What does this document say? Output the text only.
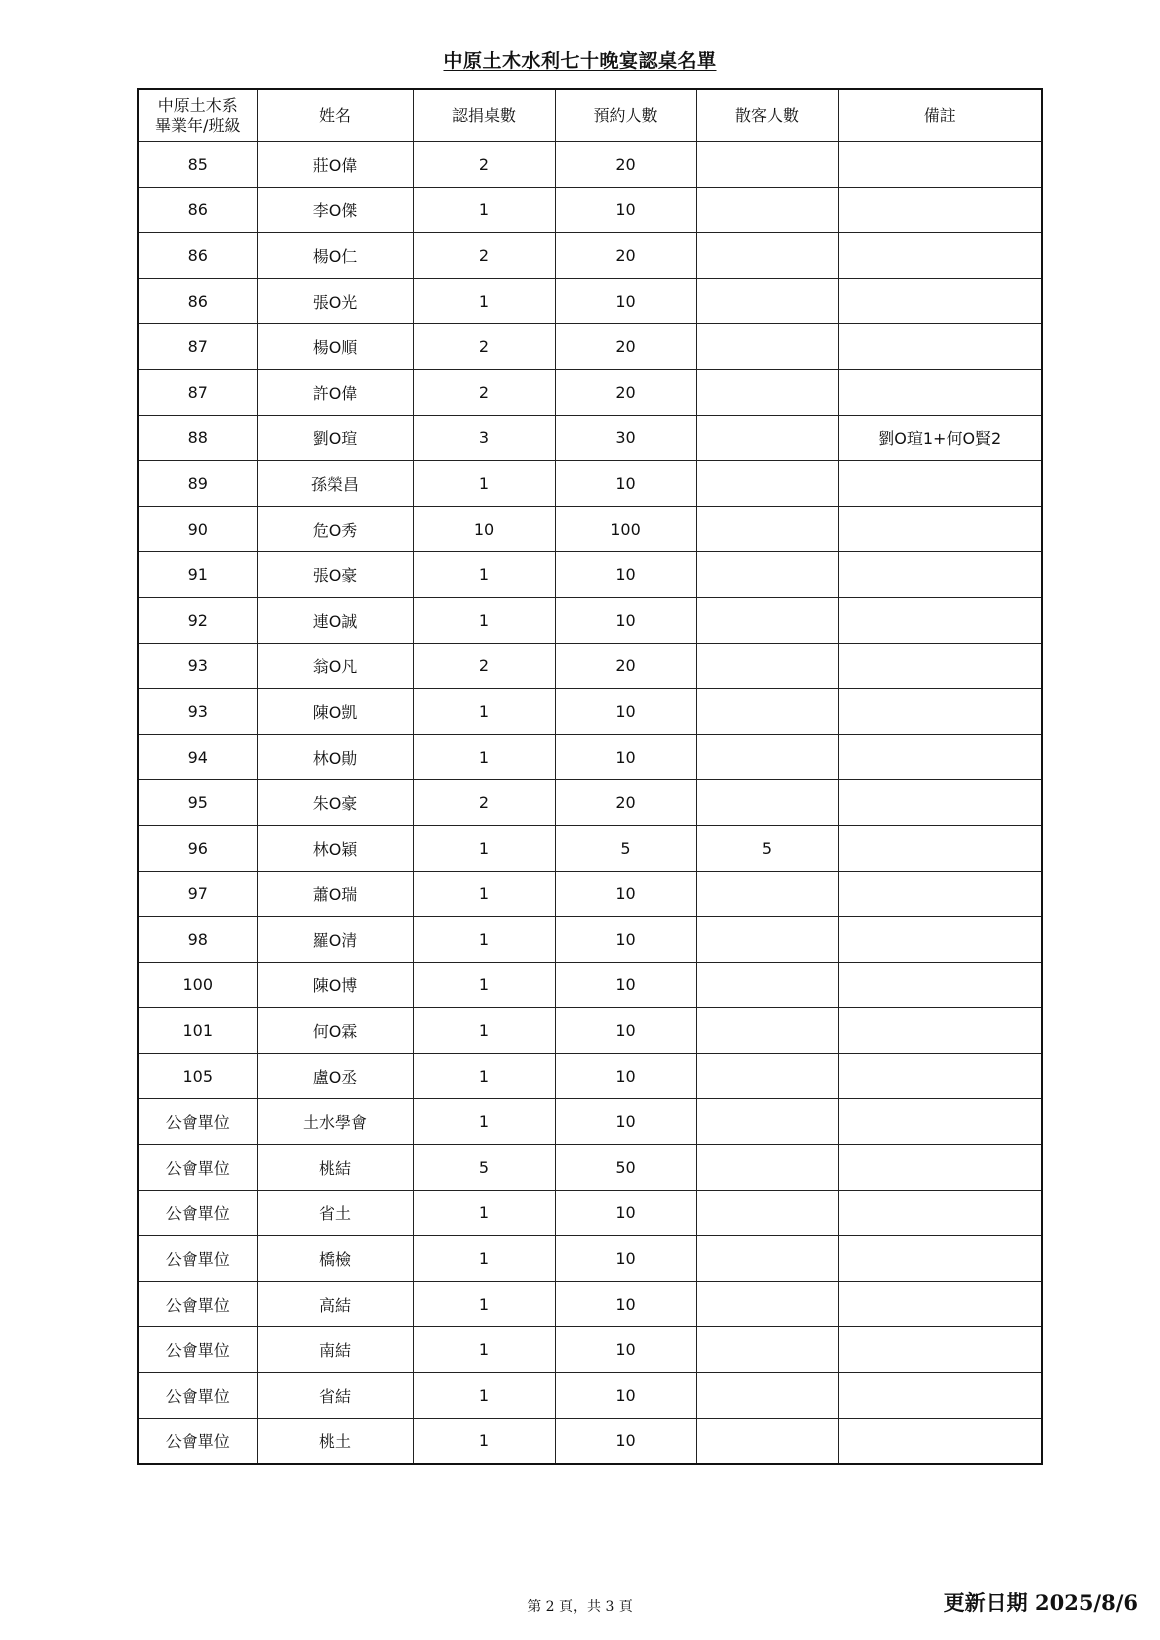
中原土木水利七十晚宴認桌名單
中原土木系
畢業年/班級	姓名	認捐桌數	預約人數	散客人數	備註
85	莊O偉	2	20		
86	李O傑	1	10		
86	楊O仁	2	20		
86	張O光	1	10		
87	楊O順	2	20		
87	許O偉	2	20		
88	劉O瑄	3	30		劉O瑄1+何O賢2
89	孫榮昌	1	10		
90	危O秀	10	100		
91	張O豪	1	10		
92	連O誠	1	10		
93	翁O凡	2	20		
93	陳O凱	1	10		
94	林O勛	1	10		
95	朱O豪	2	20		
96	林O穎	1	5	5	
97	蕭O瑞	1	10		
98	羅O清	1	10		
100	陳O博	1	10		
101	何O霖	1	10		
105	盧O丞	1	10		
公會單位	土水學會	1	10		
公會單位	桃結	5	50		
公會單位	省土	1	10		
公會單位	橋檢	1	10		
公會單位	高結	1	10		
公會單位	南結	1	10		
公會單位	省結	1	10		
公會單位	桃土	1	10		
第 2 頁，共 3 頁	更新日期 2025/8/6
